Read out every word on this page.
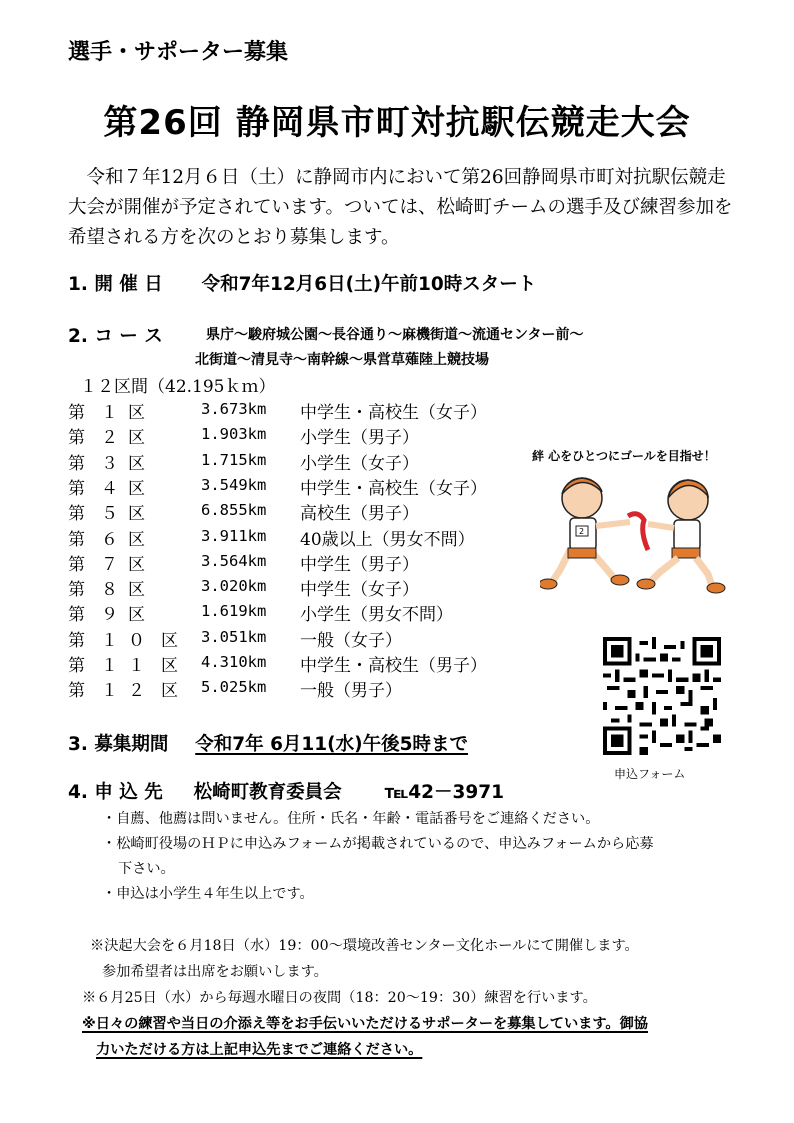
選手・サポーター募集
第26回 静岡県市町対抗駅伝競走大会
　令和７年12月６日（土）に静岡市内において第26回静岡県市町対抗駅伝競走大会が開催が予定されています。ついては、松崎町チームの選手及び練習参加を希望される方を次のとおり募集します。
1. 開 催 日 令和7年12月6日(土)午前10時スタート
2. コ ー ス	県庁～駿府城公園～長谷通り～麻機街道～流通センター前～
北街道～清見寺～南幹線～県営草薙陸上競技場
１２区間（42.195ｋｍ）
第 １ 区	3.673km 中学生・高校生（女子）
第 ２ 区	1.903km 小学生（男子）
第 ３ 区	1.715km 小学生（女子）
第 ４ 区	3.549km 中学生・高校生（女子）
第 ５ 区	6.855km 高校生（男子）
第 ６ 区	3.911km 40歳以上（男女不問）
第 ７ 区	3.564km 中学生（男子）
第 ８ 区	3.020km 中学生（女子）
第 ９ 区	1.619km 小学生（男女不問）
第 １ ０ 区 3.051km 一般（女子）
第 １ １ 区 4.310km 中学生・高校生（男子）
第 １ ２ 区 5.025km 一般（男子）
絆 心をひとつにゴールを目指せ！
2
申込フォーム
3. 募集期間 令和7年 6月11(水)午後5時まで
4. 申 込 先 松崎町教育委員会 ℡42－3971
・自薦、他薦は問いません。住所・氏名・年齢・電話番号をご連絡ください。
・松崎町役場のＨＰに申込みフォームが掲載されているので、申込みフォームから応募
下さい。
・申込は小学生４年生以上です。
※決起大会を６月18日（水）19：00～環境改善センター文化ホールにて開催します。
参加希望者は出席をお願いします。
※６月25日（水）から毎週水曜日の夜間（18：20～19：30）練習を行います。
※日々の練習や当日の介添え等をお手伝いいただけるサポーターを募集しています。御協
力いただける方は上記申込先までご連絡ください。
